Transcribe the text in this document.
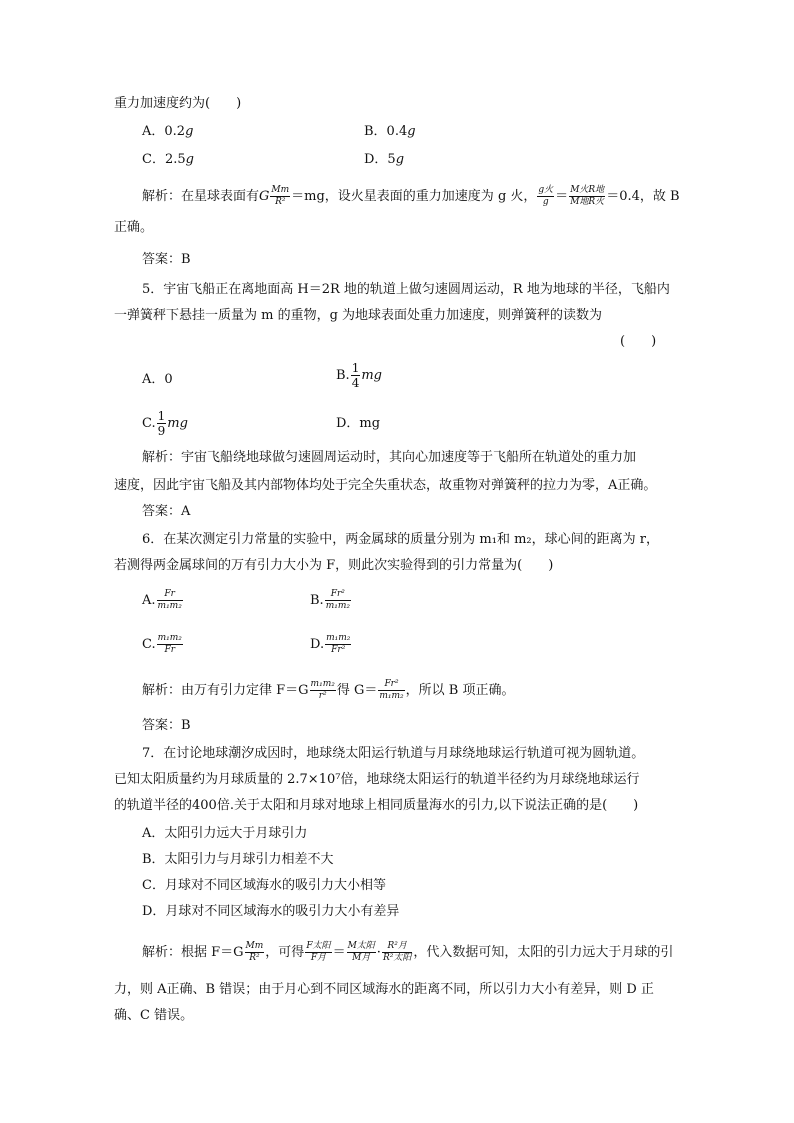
重力加速度约为(　　)
A．0.2g	B．0.4g
C．2.5g	D．5g
解析：在星球表面有G $\frac{Mm}{\text{R²}} =mg$，设火星表面的重力加速度为 g 火， $\frac{\text{g火}}{g} = \frac{\text{M火R地}}{\text{M地R火}} =0.4$，故 B
正确。
答案：B
5．宇宙飞船正在离地面高 H＝2R 地的轨道上做匀速圆周运动，R 地为地球的半径，飞船内
一弹簧秤下悬挂一质量为 m 的重物，g 为地球表面处重力加速度，则弹簧秤的读数为
(　　)
A．0	B. $\frac{1}{4}$ mg
C. $\frac{1}{9}$ mg	D．mg
解析：宇宙飞船绕地球做匀速圆周运动时，其向心加速度等于飞船所在轨道处的重力加
速度，因此宇宙飞船及其内部物体均处于完全失重状态，故重物对弹簧秤的拉力为零，A正确。
答案：A
6．在某次测定引力常量的实验中，两金属球的质量分别为 m₁和 m₂，球心间的距离为 r，
若测得两金属球间的万有引力大小为 F，则此次实验得到的引力常量为(　　)
A. $\frac{Fr}{\text{m₁m₂}}$	B. $\frac{\text{Fr²}}{\text{m₁m₂}}$
C. $\frac{\text{m₁m₂}}{Fr}$	D. $\frac{\text{m₁m₂}}{\text{Fr²}}$
解析：由万有引力定律 $F=G \frac{\text{m₁m₂}}{\text{r²}}$ 得 $G= \frac{\text{Fr²}}{\text{m₁m₂}}$ ，所以 B 项正确。
答案：B
7．在讨论地球潮汐成因时，地球绕太阳运行轨道与月球绕地球运行轨道可视为圆轨道。
已知太阳质量约为月球质量的 2.7×10⁷倍，地球绕太阳运行的轨道半径约为月球绕地球运行
的轨道半径的400倍.关于太阳和月球对地球上相同质量海水的引力,以下说法正确的是(　　)
A．太阳引力远大于月球引力
B．太阳引力与月球引力相差不大
C．月球对不同区域海水的吸引力大小相等
D．月球对不同区域海水的吸引力大小有差异
解析：根据 $F=G \frac{Mm}{\text{R²}}$ ，可得 $\frac{\text{F太阳}}{\text{F月}} = \frac{\text{M太阳}}{\text{M月}} \cdot \frac{\text{R²月}}{\text{R²太阳}}$ ，代入数据可知，太阳的引力远大于月球的引
力，则 A正确、B 错误；由于月心到不同区域海水的距离不同，所以引力大小有差异，则 D 正
确、C 错误。
